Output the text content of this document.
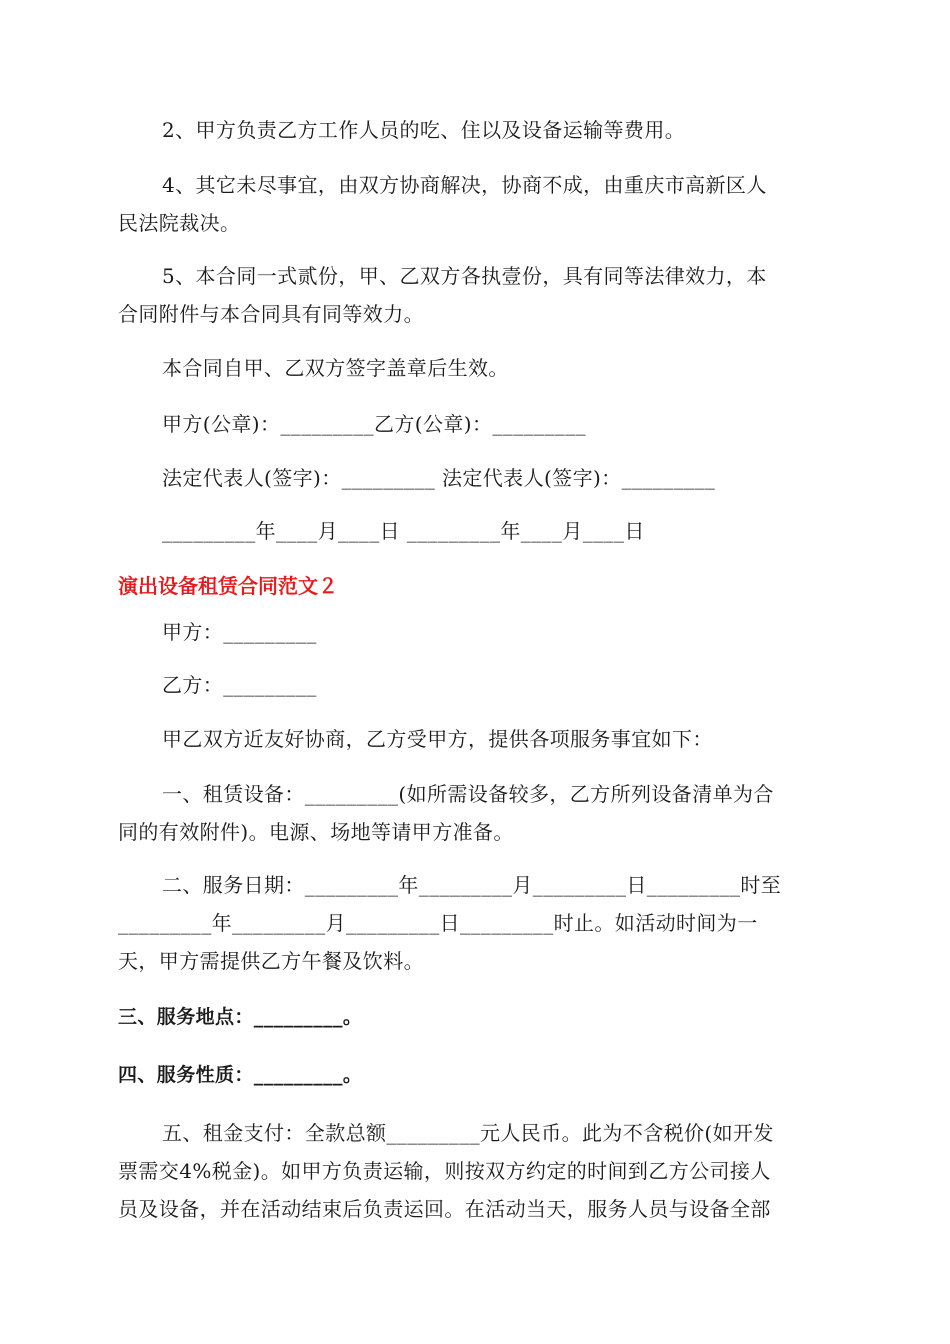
2、甲方负责乙方工作人员的吃、住以及设备运输等费用。
4、其它未尽事宜，由双方协商解决，协商不成，由重庆市高新区人
民法院裁决。
5、本合同一式贰份，甲、乙双方各执壹份，具有同等法律效力，本
合同附件与本合同具有同等效力。
本合同自甲、乙双方签字盖章后生效。
甲方(公章)：_________乙方(公章)：_________
法定代表人(签字)：_________ 法定代表人(签字)：_________
_________年____月____日 _________年____月____日
演出设备租赁合同范文２
甲方：_________
乙方：_________
甲乙双方近友好协商，乙方受甲方，提供各项服务事宜如下：
一、租赁设备：_________(如所需设备较多，乙方所列设备清单为合
同的有效附件)。电源、场地等请甲方准备。
二、服务日期：_________年_________月_________日_________时至
_________年_________月_________日_________时止。如活动时间为一
天，甲方需提供乙方午餐及饮料。
三、服务地点：_________。
四、服务性质：_________。
五、租金支付：全款总额_________元人民币。此为不含税价(如开发
票需交4%税金)。如甲方负责运输，则按双方约定的时间到乙方公司接人
员及设备，并在活动结束后负责运回。在活动当天，服务人员与设备全部
